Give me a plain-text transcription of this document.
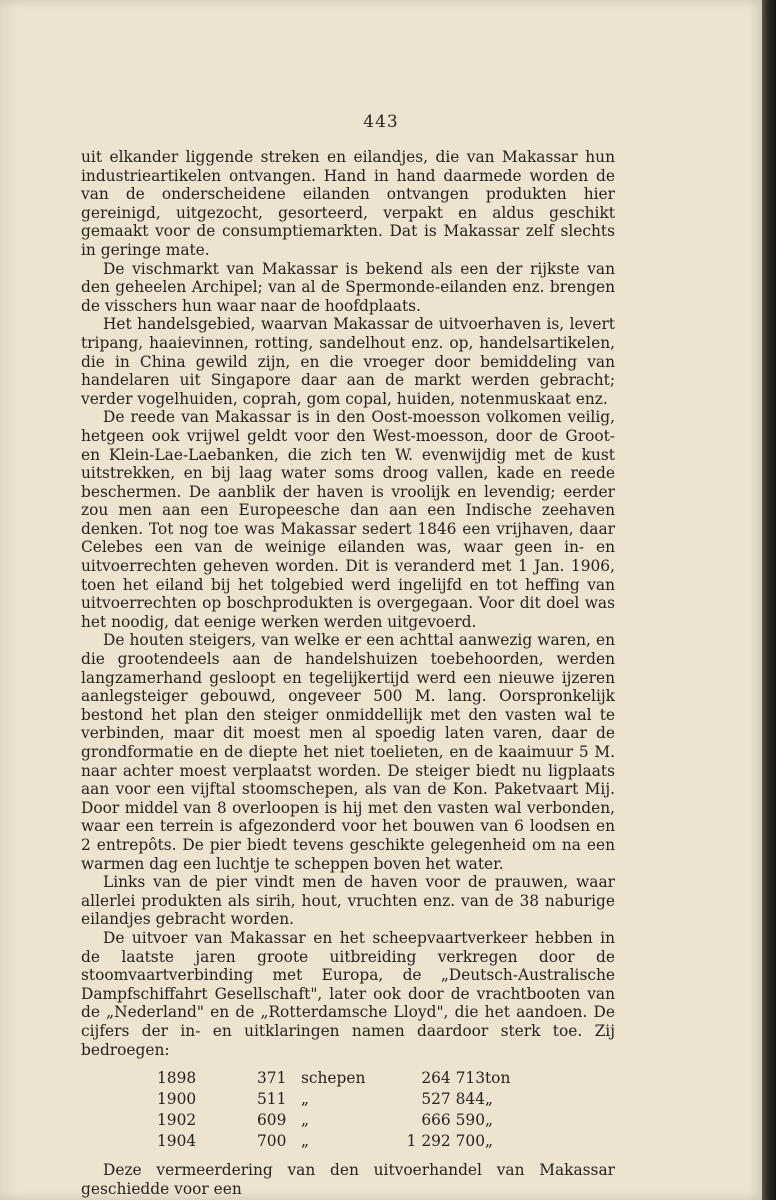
443

uit elkander liggende streken en eilandjes, die van Makassar hun industrieartikelen ontvangen. Hand in hand daarmede worden de van de onderscheidene eilanden ontvangen produkten hier gereinigd, uitgezocht, gesorteerd, verpakt en aldus geschikt gemaakt voor de consumptiemarkten. Dat is Makassar zelf slechts in geringe mate.

De vischmarkt van Makassar is bekend als een der rijkste van den geheelen Archipel; van al de Spermonde-eilanden enz. brengen de visschers hun waar naar de hoofdplaats.

Het handelsgebied, waarvan Makassar de uitvoerhaven is, levert tripang, haaievinnen, rotting, sandelhout enz. op, handelsartikelen, die in China gewild zijn, en die vroeger door bemiddeling van handelaren uit Singapore daar aan de markt werden gebracht; verder vogelhuiden, coprah, gom copal, huiden, notenmuskaat enz.

De reede van Makassar is in den Oost-moesson volkomen veilig, hetgeen ook vrijwel geldt voor den West-moesson, door de Groot- en Klein-Lae-Laebanken, die zich ten W. evenwijdig met de kust uitstrekken, en bij laag water soms droog vallen, kade en reede beschermen. De aanblik der haven is vroolijk en levendig; eerder zou men aan een Europeesche dan aan een Indische zeehaven denken. Tot nog toe was Makassar sedert 1846 een vrijhaven, daar Celebes een van de weinige eilanden was, waar geen in- en uitvoerrechten geheven worden. Dit is veranderd met 1 Jan. 1906, toen het eiland bij het tolgebied werd ingelijfd en tot heffing van uitvoerrechten op boschprodukten is overgegaan. Voor dit doel was het noodig, dat eenige werken werden uitgevoerd.

De houten steigers, van welke er een achttal aanwezig waren, en die grootendeels aan de handelshuizen toebehoorden, werden langzamerhand gesloopt en tegelijkertijd werd een nieuwe ijzeren aanlegsteiger gebouwd, ongeveer 500 M. lang. Oorspronkelijk bestond het plan den steiger onmiddellijk met den vasten wal te verbinden, maar dit moest men al spoedig laten varen, daar de grondformatie en de diepte het niet toelieten, en de kaaimuur 5 M. naar achter moest verplaatst worden. De steiger biedt nu ligplaats aan voor een vijftal stoomschepen, als van de Kon. Paketvaart Mij. Door middel van 8 overloopen is hij met den vasten wal verbonden, waar een terrein is afgezonderd voor het bouwen van 6 loodsen en 2 entrepôts. De pier biedt tevens geschikte gelegenheid om na een warmen dag een luchtje te scheppen boven het water.

Links van de pier vindt men de haven voor de prauwen, waar allerlei produkten als sirih, hout, vruchten enz. van de 38 naburige eilandjes gebracht worden.

De uitvoer van Makassar en het scheepvaartverkeer hebben in de laatste jaren groote uitbreiding verkregen door de stoomvaartverbinding met Europa, de „Deutsch-Australische Dampfschiffahrt Gesellschaft", later ook door de vrachtbooten van de „Nederland" en de „Rotterdamsche Lloyd", die het aandoen. De cijfers der in- en uitklaringen namen daardoor sterk toe. Zij bedroegen:

1898	371	schepen	264 713	ton
1900	511	„	527 844	„
1902	609	„	666 590	„
1904	700	„	1 292 700	„

Deze vermeerdering van den uitvoerhandel van Makassar geschiedde voor een
